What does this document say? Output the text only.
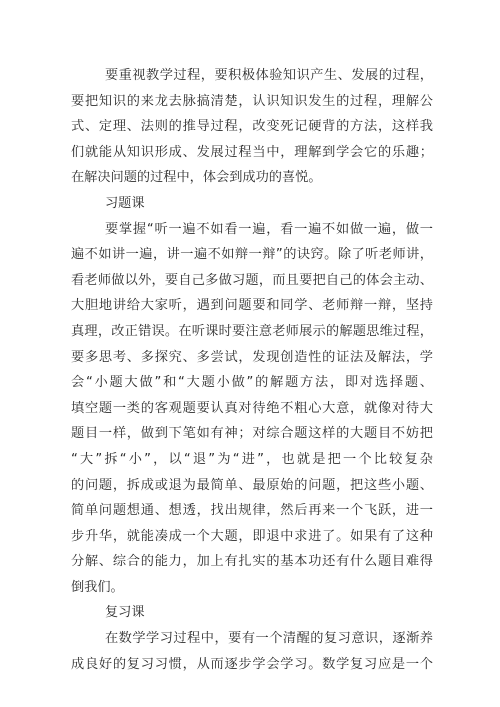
要重视教学过程，要积极体验知识产生、发展的过程，
要把知识的来龙去脉搞清楚，认识知识发生的过程，理解公
式、定理、法则的推导过程，改变死记硬背的方法，这样我
们就能从知识形成、发展过程当中，理解到学会它的乐趣；
在解决问题的过程中，体会到成功的喜悦。
习题课
要掌握“听一遍不如看一遍，看一遍不如做一遍，做一
遍不如讲一遍，讲一遍不如辩一辩”的诀窍。除了听老师讲，
看老师做以外，要自己多做习题，而且要把自己的体会主动、
大胆地讲给大家听，遇到问题要和同学、老师辩一辩，坚持
真理，改正错误。在听课时要注意老师展示的解题思维过程，
要多思考、多探究、多尝试，发现创造性的证法及解法，学
会“小题大做”和“大题小做”的解题方法，即对选择题、
填空题一类的客观题要认真对待绝不粗心大意，就像对待大
题目一样，做到下笔如有神；对综合题这样的大题目不妨把
“大”拆“小”，以“退”为“进”，也就是把一个比较复杂
的问题，拆成或退为最简单、最原始的问题，把这些小题、
简单问题想通、想透，找出规律，然后再来一个飞跃，进一
步升华，就能凑成一个大题，即退中求进了。如果有了这种
分解、综合的能力，加上有扎实的基本功还有什么题目难得
倒我们。
复习课
在数学学习过程中，要有一个清醒的复习意识，逐渐养
成良好的复习习惯，从而逐步学会学习。数学复习应是一个
